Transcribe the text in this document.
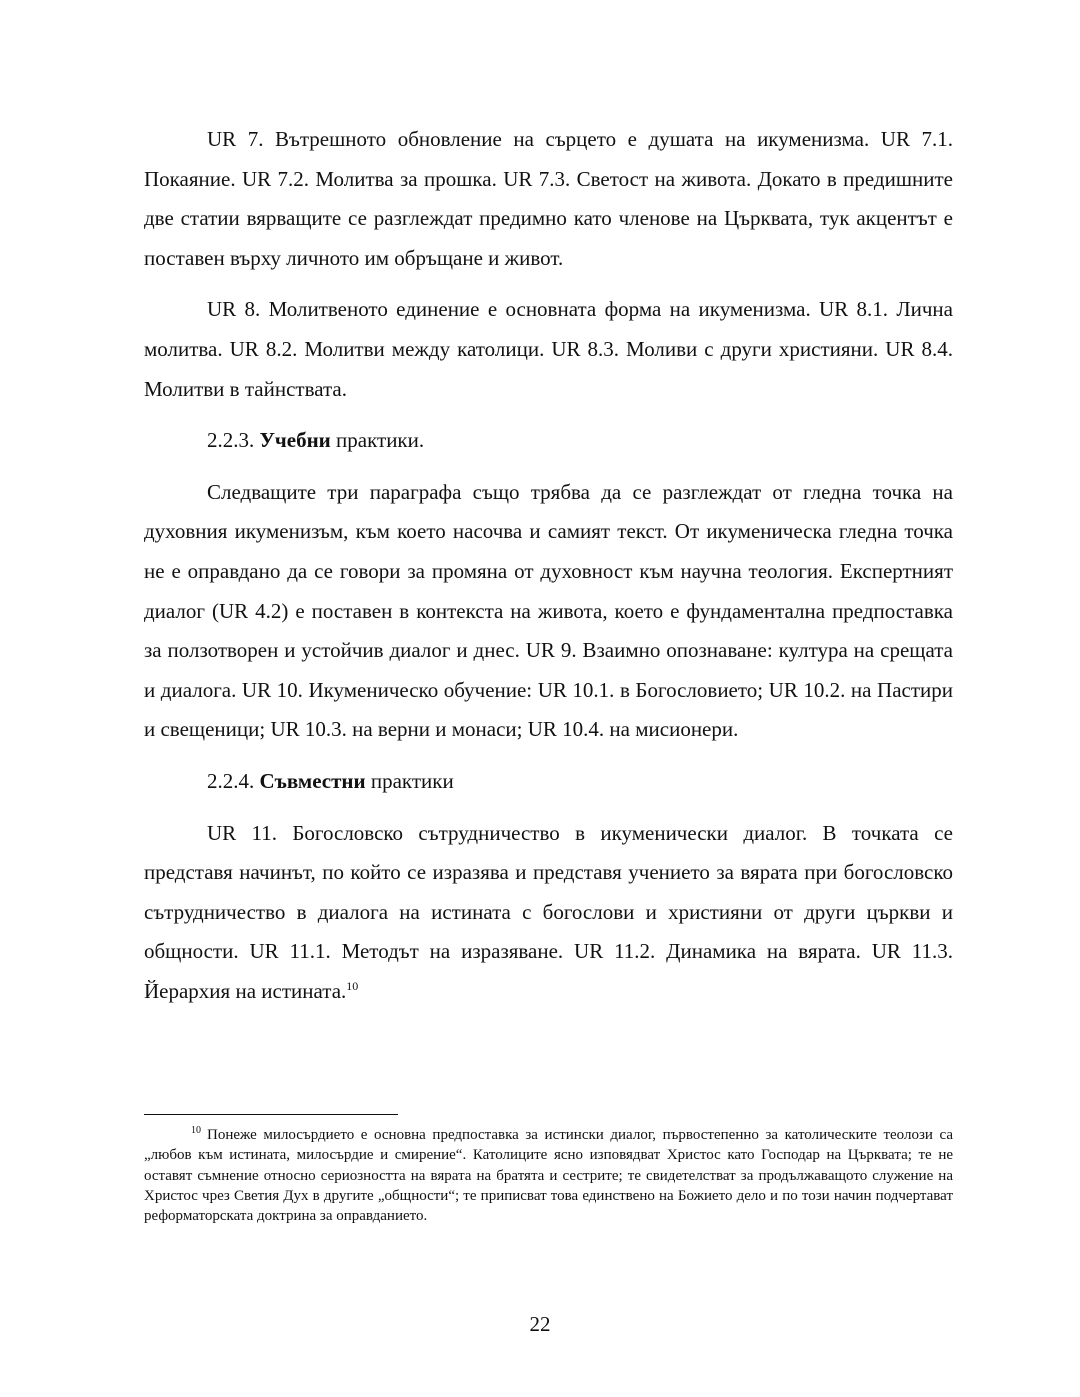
UR 7. Вътрешното обновление на сърцето е душата на икуменизма. UR 7.1. Покаяние. UR 7.2. Молитва за прошка. UR 7.3. Светост на живота. Докато в предишните две статии вярващите се разглеждат предимно като членове на Църквата, тук акцентът е поставен върху личното им обръщане и живот.

UR 8. Молитвеното единение е основната форма на икуменизма. UR 8.1. Лична молитва. UR 8.2. Молитви между католици. UR 8.3. Моливи с други християни. UR 8.4. Молитви в тайнствата.

2.2.3. Учебни практики.

Следващите три параграфа също трябва да се разглеждат от гледна точка на духовния икуменизъм, към което насочва и самият текст. От икуменическа гледна точка не е оправдано да се говори за промяна от духовност към научна теология. Експертният диалог (UR 4.2) е поставен в контекста на живота, което е фундаментална предпоставка за ползотворен и устойчив диалог и днес. UR 9. Взаимно опознаване: култура на срещата и диалога. UR 10. Икуменическо обучение: UR 10.1. в Богословието; UR 10.2. на Пастири и свещеници; UR 10.3. на верни и монаси; UR 10.4. на мисионери.

2.2.4. Съвместни практики

UR 11. Богословско сътрудничество в икуменически диалог. В точката се представя начинът, по който се изразява и представя учението за вярата при богословско сътрудничество в диалога на истината с богослови и християни от други църкви и общности. UR 11.1. Методът на изразяване. UR 11.2. Динамика на вярата. UR 11.3. Йерархия на истината.$^{10}$

$^{10}$ Понеже милосърдието е основна предпоставка за истински диалог, първостепенно за католическите теолози са „любов към истината, милосърдие и смирение“. Католиците ясно изповядват Христос като Господар на Църквата; те не оставят съмнение относно сериозността на вярата на братята и сестрите; те свидетелстват за продължаващото служение на Христос чрез Светия Дух в другите „общности“; те приписват това единствено на Божието дело и по този начин подчертават реформаторската доктрина за оправданието.

22
